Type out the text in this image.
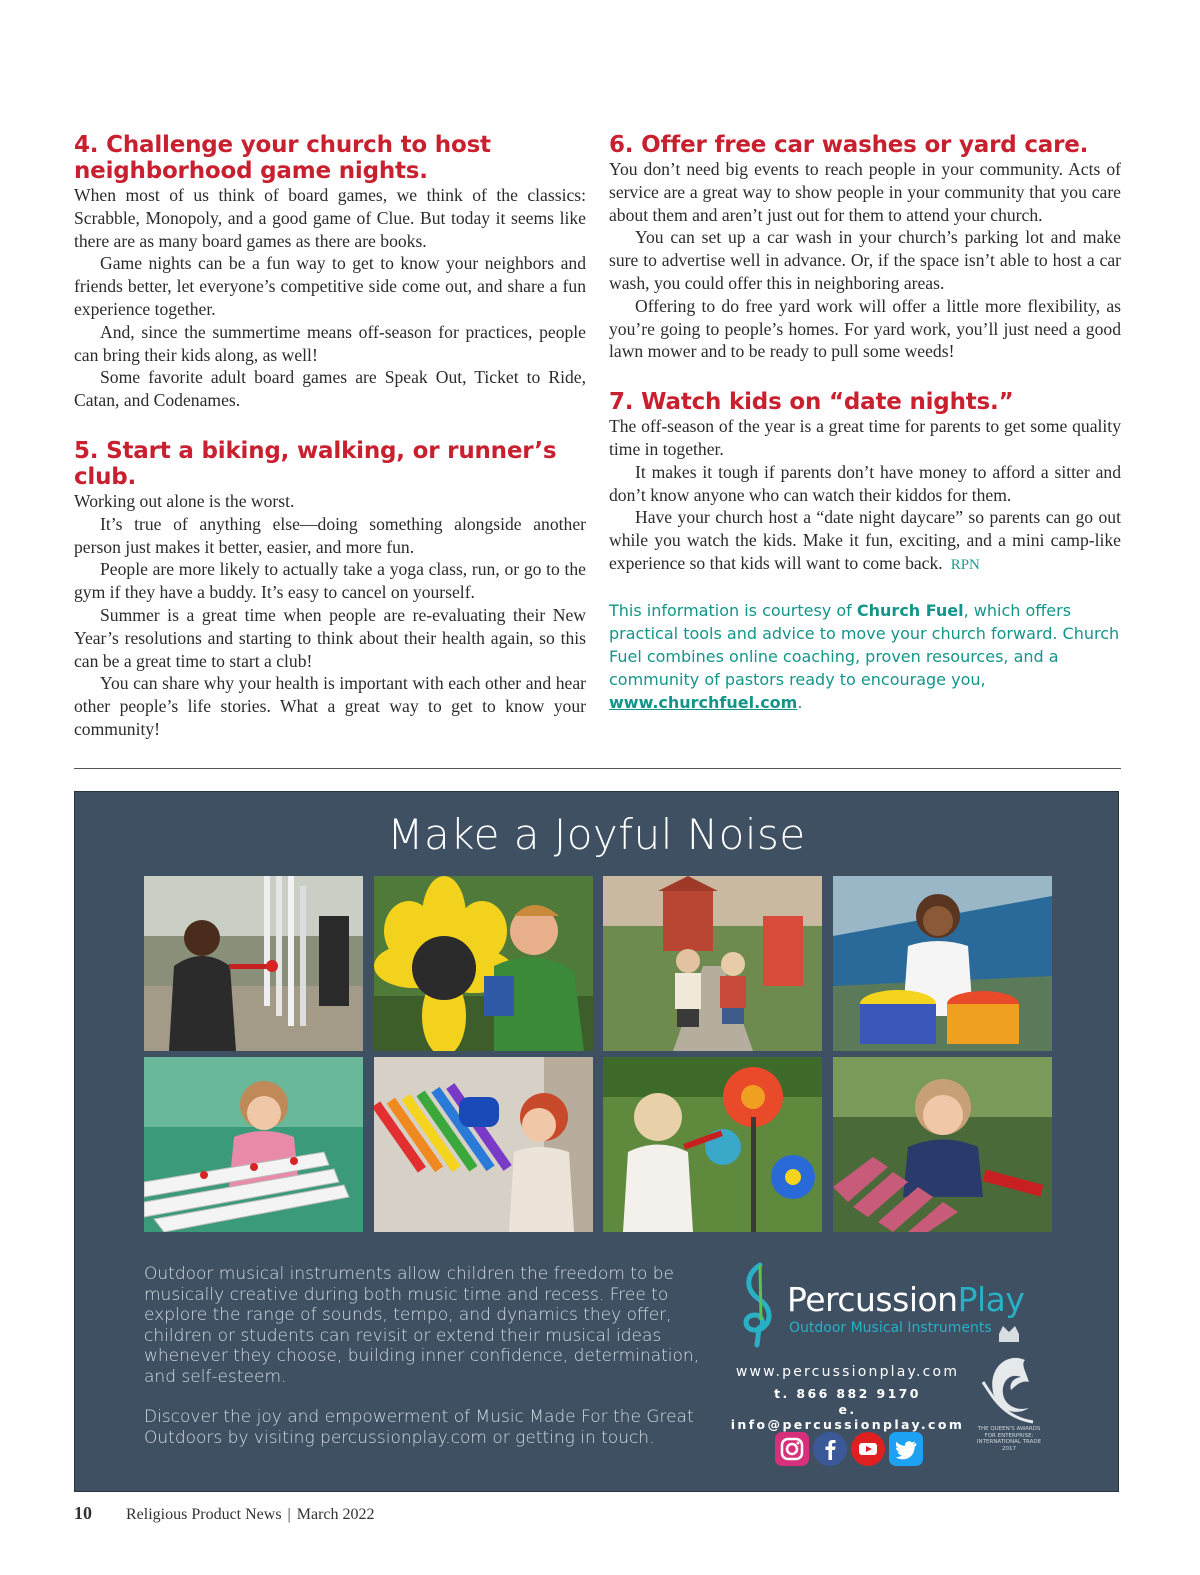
4. Challenge your church to host neighborhood game nights.

When most of us think of board games, we think of the classics: Scrabble, Monopoly, and a good game of Clue. But today it seems like there are as many board games as there are books.

Game nights can be a fun way to get to know your neighbors and friends better, let everyone’s competitive side come out, and share a fun experience together.

And, since the summertime means off-season for practices, people can bring their kids along, as well!

Some favorite adult board games are Speak Out, Ticket to Ride, Catan, and Codenames.

5. Start a biking, walking, or runner’s club.

Working out alone is the worst.

It’s true of anything else—doing something alongside another person just makes it better, easier, and more fun.

People are more likely to actually take a yoga class, run, or go to the gym if they have a buddy. It’s easy to cancel on yourself.

Summer is a great time when people are re-evaluating their New Year’s resolutions and starting to think about their health again, so this can be a great time to start a club!

You can share why your health is important with each other and hear other people’s life stories. What a great way to get to know your community!

6. Offer free car washes or yard care.

You don’t need big events to reach people in your community. Acts of service are a great way to show people in your community that you care about them and aren’t just out for them to attend your church.

You can set up a car wash in your church’s parking lot and make sure to advertise well in advance. Or, if the space isn’t able to host a car wash, you could offer this in neighboring areas.

Offering to do free yard work will offer a little more flexibility, as you’re going to people’s homes. For yard work, you’ll just need a good lawn mower and to be ready to pull some weeds!

7. Watch kids on “date nights.”

The off-season of the year is a great time for parents to get some quality time in together.

It makes it tough if parents don’t have money to afford a sitter and don’t know anyone who can watch their kiddos for them.

Have your church host a “date night daycare” so parents can go out while you watch the kids. Make it fun, exciting, and a mini camp-like experience so that kids will want to come back. RPN

This information is courtesy of Church Fuel, which offers practical tools and advice to move your church forward. Church Fuel combines online coaching, proven resources, and a community of pastors ready to encourage you, www.churchfuel.com.
Make a Joyful Noise

Outdoor musical instruments allow children the freedom to be musically creative during both music time and recess. Free to explore the range of sounds, tempo, and dynamics they offer, children or students can revisit or extend their musical ideas whenever they choose, building inner confidence, determination, and self-esteem.

Discover the joy and empowerment of Music Made For the Great Outdoors by visiting percussionplay.com or getting in touch.

PercussionPlay
Outdoor Musical Instruments
www.percussionplay.com
t. 866 882 9170
e. info@percussionplay.com	THE QUEEN'S AWARDS FOR ENTERPRISE: INTERNATIONAL TRADE 2017
10 Religious Product News | March 2022
